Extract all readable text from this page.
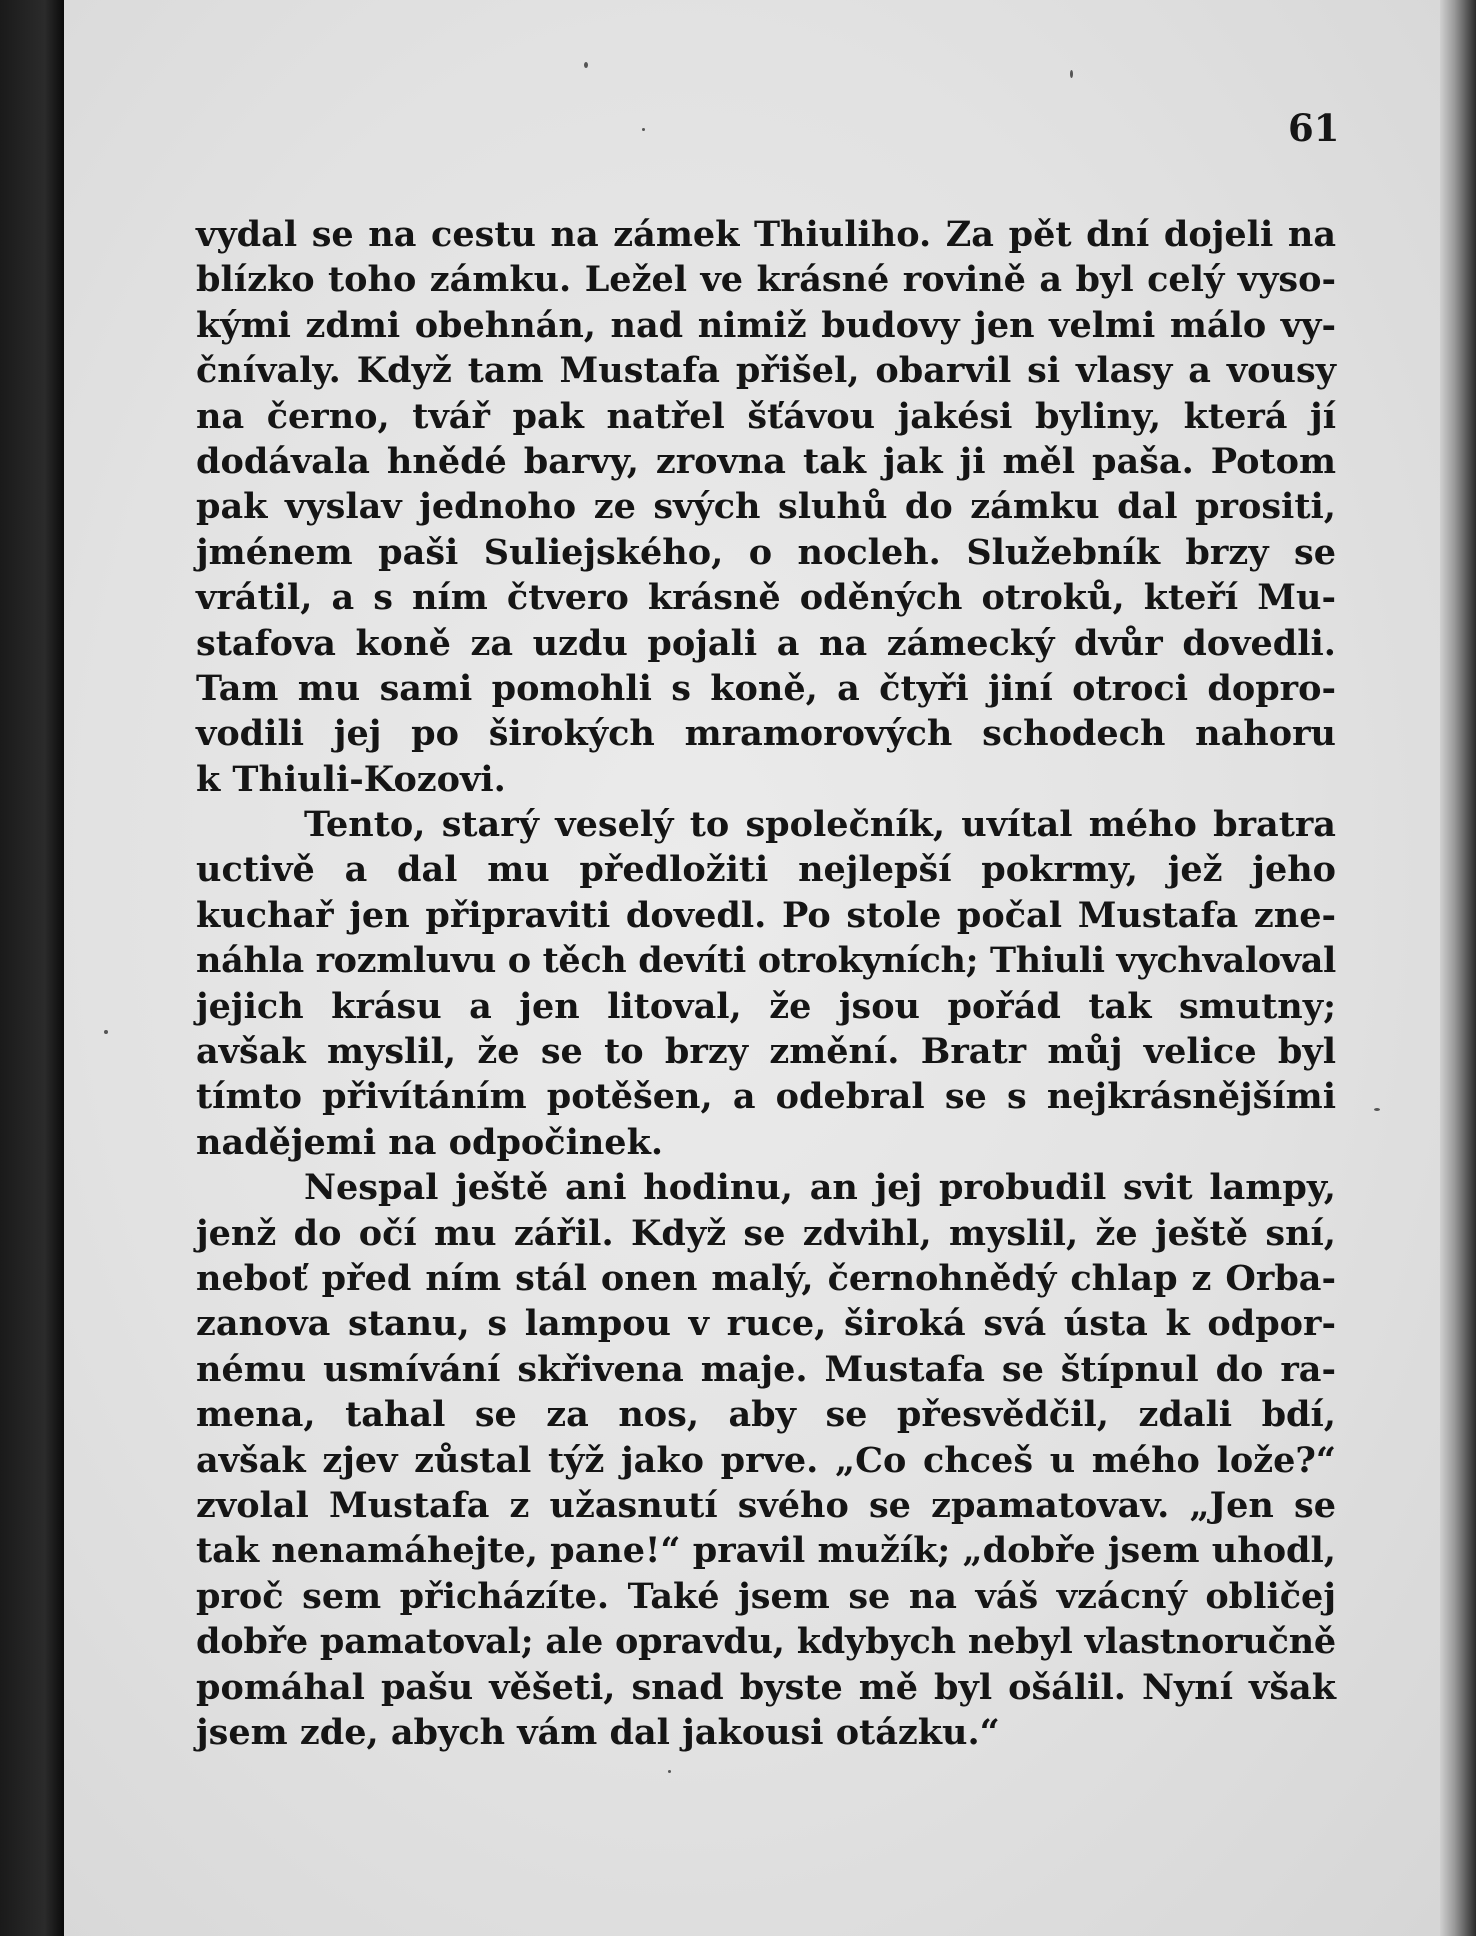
61
vydal se na cestu na zámek Thiuliho. Za pět dní dojeli na
blízko toho zámku. Ležel ve krásné rovině a byl celý vyso-
kými zdmi obehnán, nad nimiž budovy jen velmi málo vy-
čnívaly. Když tam Mustafa přišel, obarvil si vlasy a vousy
na černo, tvář pak natřel šťávou jakési byliny, která jí
dodávala hnědé barvy, zrovna tak jak ji měl paša. Potom
pak vyslav jednoho ze svých sluhů do zámku dal prositi,
jménem paši Suliejského, o nocleh. Služebník brzy se
vrátil, a s ním čtvero krásně oděných otroků, kteří Mu-
stafova koně za uzdu pojali a na zámecký dvůr dovedli.
Tam mu sami pomohli s koně, a čtyři jiní otroci dopro-
vodili jej po širokých mramorových schodech nahoru
k Thiuli-Kozovi.
Tento, starý veselý to společník, uvítal mého bratra
uctivě a dal mu předložiti nejlepší pokrmy, jež jeho
kuchař jen připraviti dovedl. Po stole počal Mustafa zne-
náhla rozmluvu o těch devíti otrokyních; Thiuli vychvaloval
jejich krásu a jen litoval, že jsou pořád tak smutny;
avšak myslil, že se to brzy změní. Bratr můj velice byl
tímto přivítáním potěšen, a odebral se s nejkrásnějšími
nadějemi na odpočinek.
Nespal ještě ani hodinu, an jej probudil svit lampy,
jenž do očí mu zářil. Když se zdvihl, myslil, že ještě sní,
neboť před ním stál onen malý, černohnědý chlap z Orba-
zanova stanu, s lampou v ruce, široká svá ústa k odpor-
nému usmívání skřivena maje. Mustafa se štípnul do ra-
mena, tahal se za nos, aby se přesvědčil, zdali bdí,
avšak zjev zůstal týž jako prve. „Co chceš u mého lože?“
zvolal Mustafa z užasnutí svého se zpamatovav. „Jen se
tak nenamáhejte, pane!“ pravil mužík; „dobře jsem uhodl,
proč sem přicházíte. Také jsem se na váš vzácný obličej
dobře pamatoval; ale opravdu, kdybych nebyl vlastnoručně
pomáhal pašu věšeti, snad byste mě byl ošálil. Nyní však
jsem zde, abych vám dal jakousi otázku.“
